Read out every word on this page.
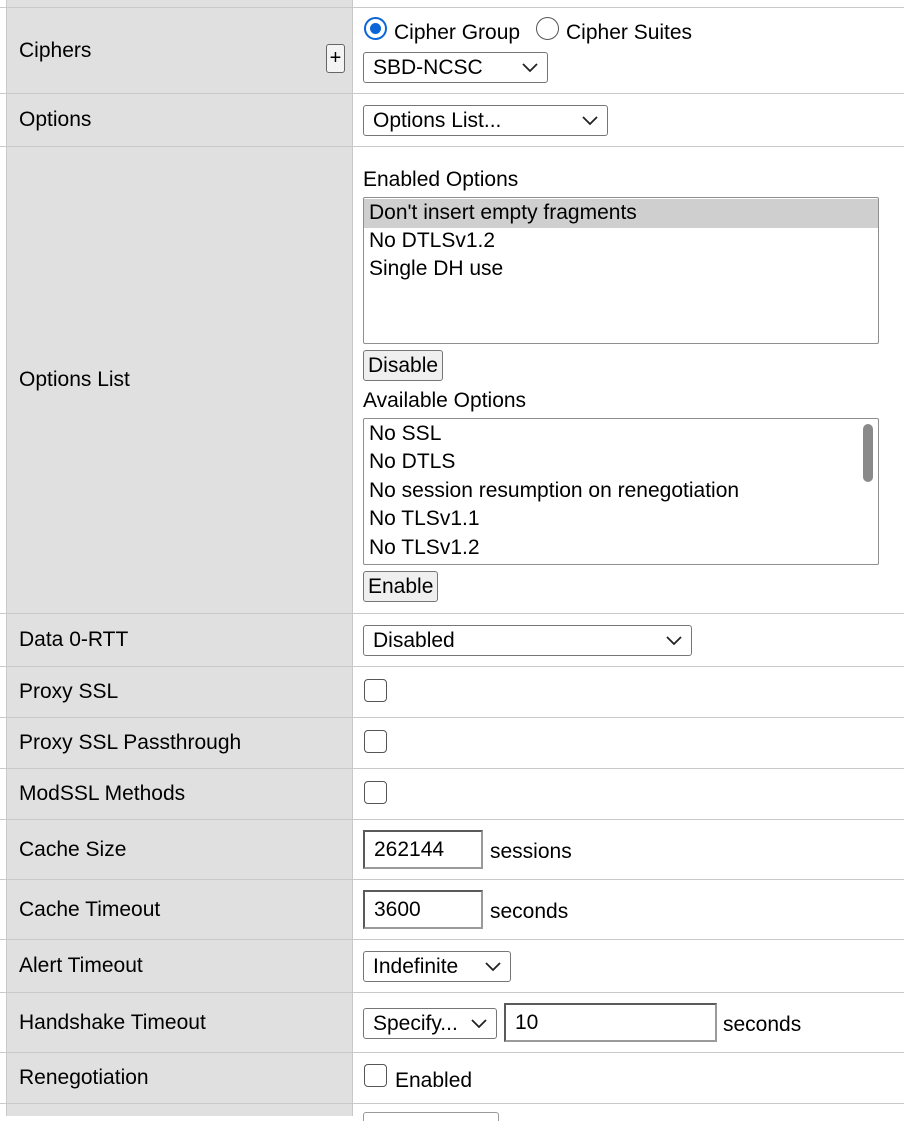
Ciphers	+
Cipher Group Cipher Suites
SBD-NCSC
Options	Options List...
Options List
Enabled Options
Don't insert empty fragments
No DTLSv1.2
Single DH use
Disable
Available Options
No SSL
No DTLS
No session resumption on renegotiation
No TLSv1.1
No TLSv1.2
Enable
Data 0-RTT	Disabled
Proxy SSL
Proxy SSL Passthrough
ModSSL Methods
Cache Size	262144	sessions
Cache Timeout	3600	seconds
Alert Timeout	Indefinite
Handshake Timeout	Specify...	10	seconds
Renegotiation	Enabled
